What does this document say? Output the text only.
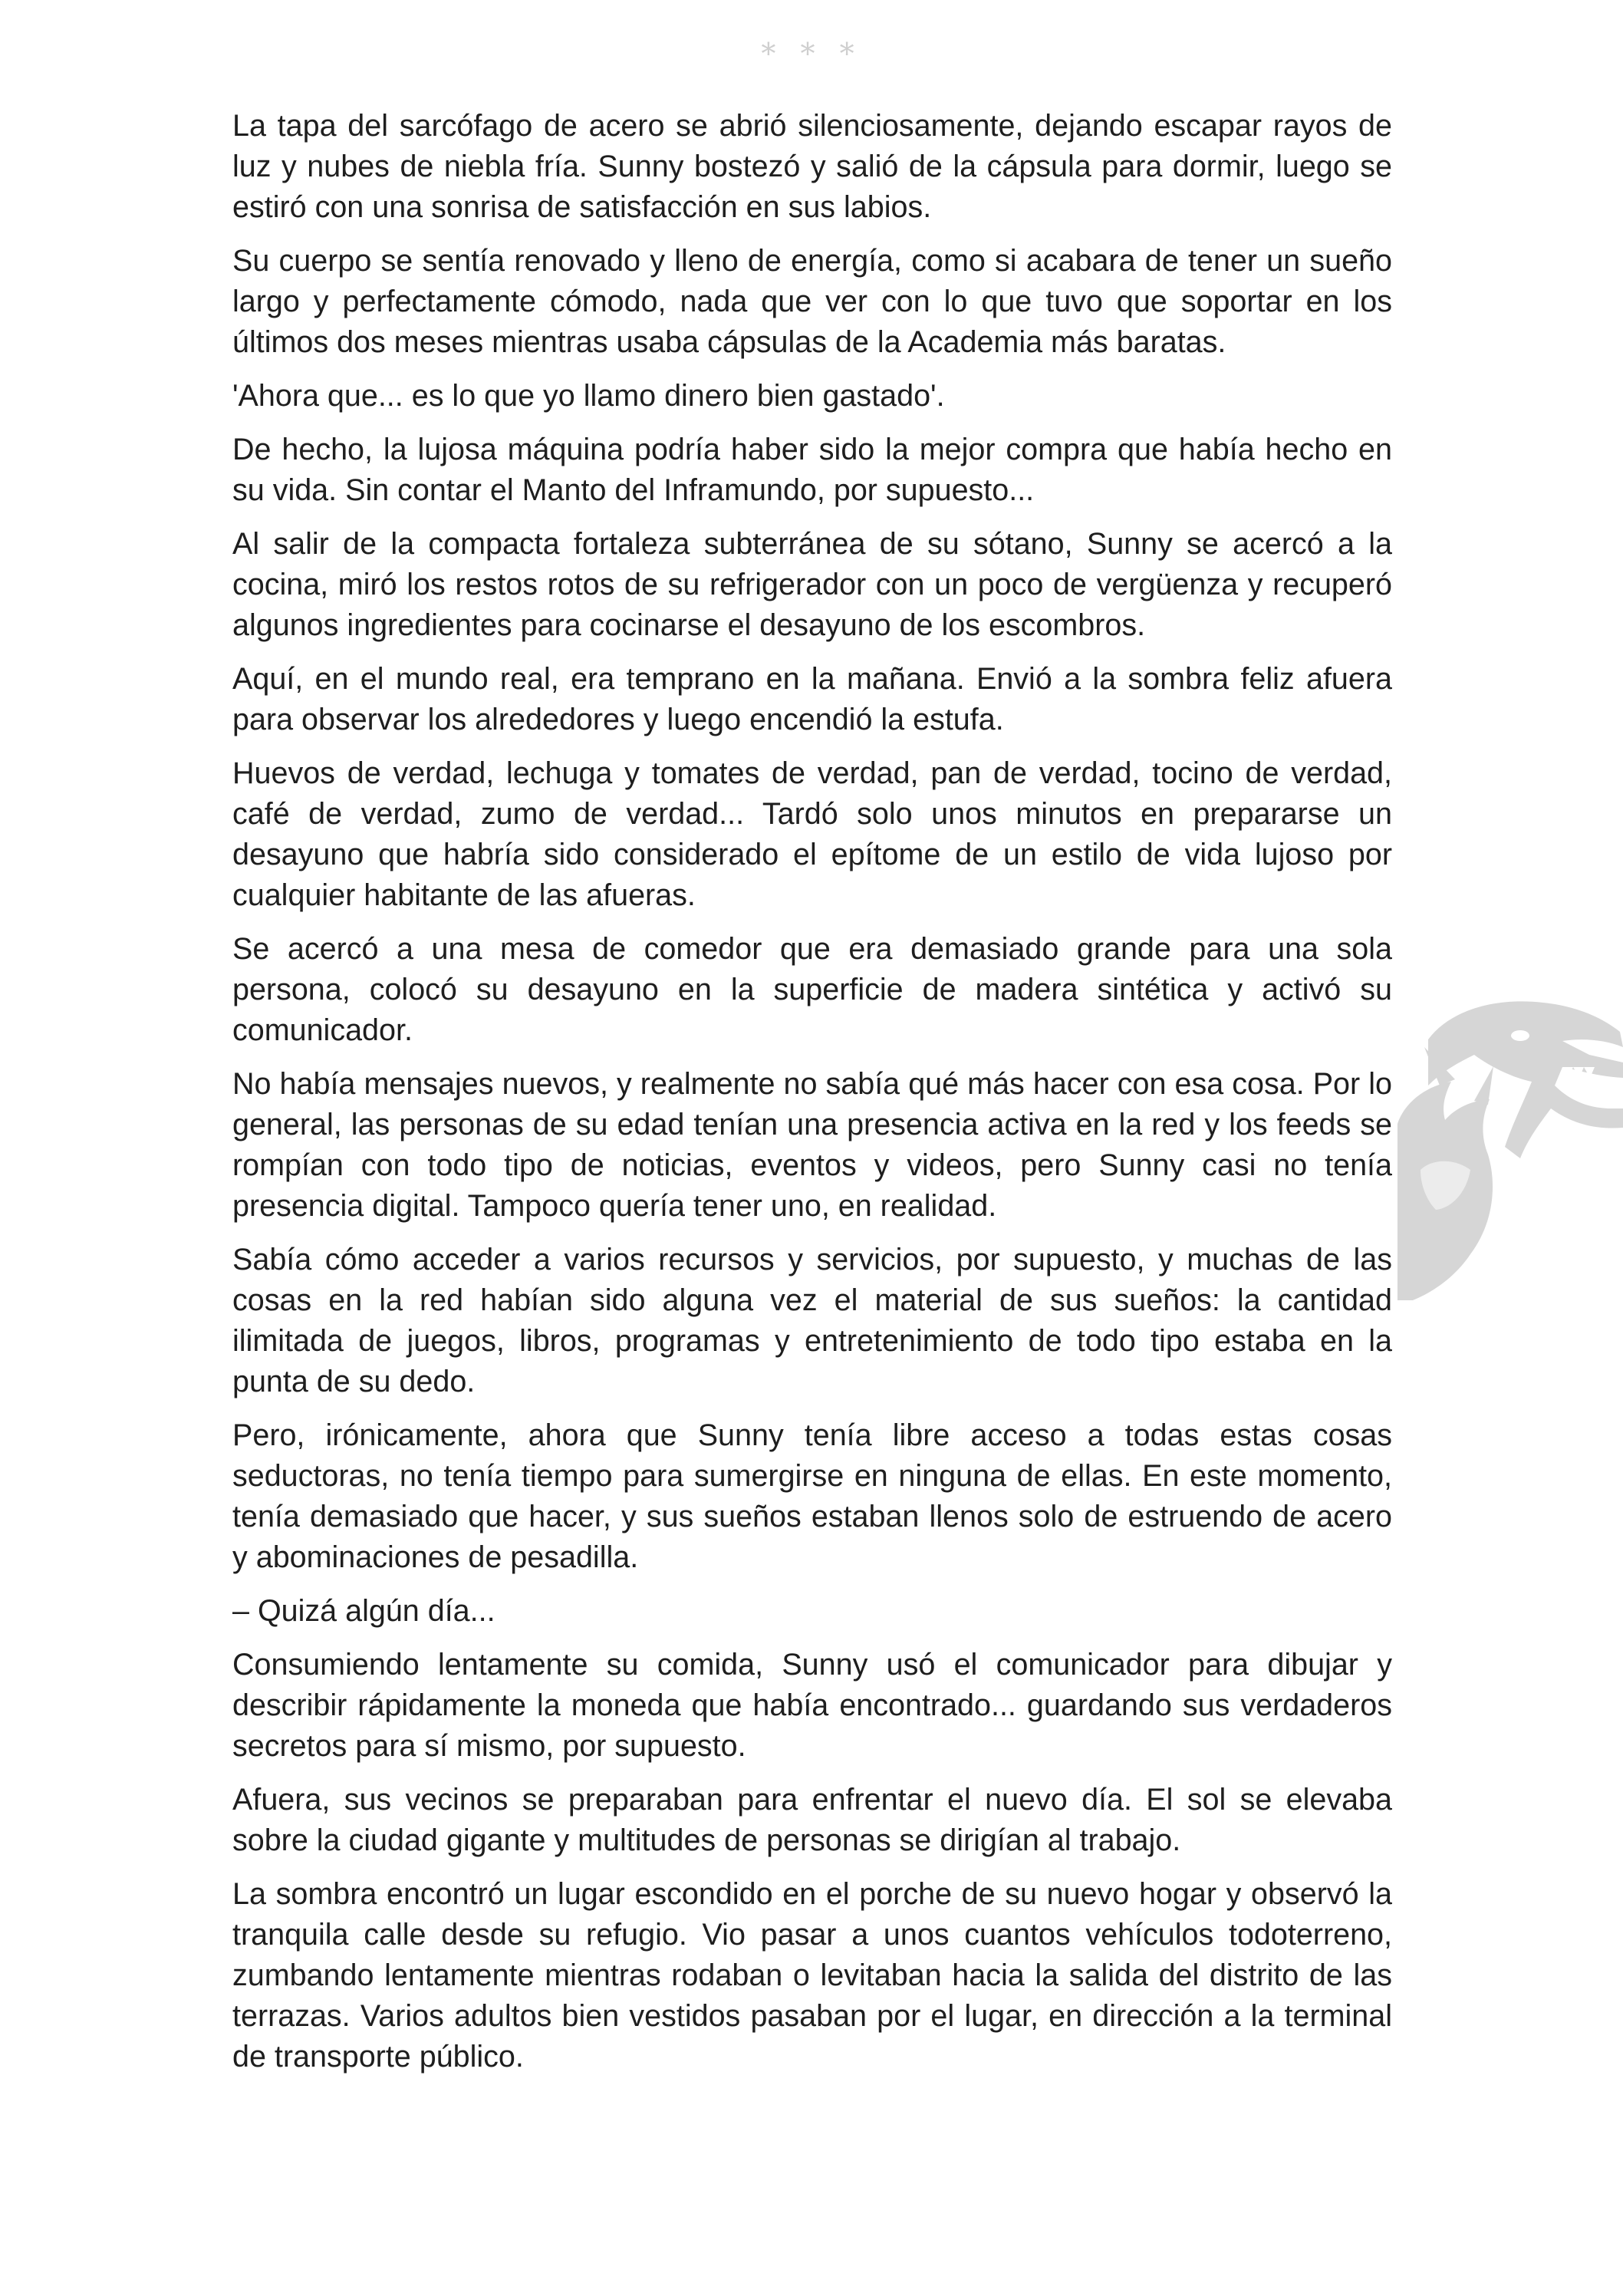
* * *

La tapa del sarcófago de acero se abrió silenciosamente, dejando escapar rayos de luz y nubes de niebla fría. Sunny bostezó y salió de la cápsula para dormir, luego se estiró con una sonrisa de satisfacción en sus labios.

Su cuerpo se sentía renovado y lleno de energía, como si acabara de tener un sueño largo y perfectamente cómodo, nada que ver con lo que tuvo que soportar en los últimos dos meses mientras usaba cápsulas de la Academia más baratas.

'Ahora que... es lo que yo llamo dinero bien gastado'.

De hecho, la lujosa máquina podría haber sido la mejor compra que había hecho en su vida. Sin contar el Manto del Inframundo, por supuesto...

Al salir de la compacta fortaleza subterránea de su sótano, Sunny se acercó a la cocina, miró los restos rotos de su refrigerador con un poco de vergüenza y recuperó algunos ingredientes para cocinarse el desayuno de los escombros.

Aquí, en el mundo real, era temprano en la mañana. Envió a la sombra feliz afuera para observar los alrededores y luego encendió la estufa.

Huevos de verdad, lechuga y tomates de verdad, pan de verdad, tocino de verdad, café de verdad, zumo de verdad... Tardó solo unos minutos en prepararse un desayuno que habría sido considerado el epítome de un estilo de vida lujoso por cualquier habitante de las afueras.

Se acercó a una mesa de comedor que era demasiado grande para una sola persona, colocó su desayuno en la superficie de madera sintética y activó su comunicador.

No había mensajes nuevos, y realmente no sabía qué más hacer con esa cosa. Por lo general, las personas de su edad tenían una presencia activa en la red y los feeds se rompían con todo tipo de noticias, eventos y videos, pero Sunny casi no tenía presencia digital. Tampoco quería tener uno, en realidad.

Sabía cómo acceder a varios recursos y servicios, por supuesto, y muchas de las cosas en la red habían sido alguna vez el material de sus sueños: la cantidad ilimitada de juegos, libros, programas y entretenimiento de todo tipo estaba en la punta de su dedo.

Pero, irónicamente, ahora que Sunny tenía libre acceso a todas estas cosas seductoras, no tenía tiempo para sumergirse en ninguna de ellas. En este momento, tenía demasiado que hacer, y sus sueños estaban llenos solo de estruendo de acero y abominaciones de pesadilla.

– Quizá algún día...

Consumiendo lentamente su comida, Sunny usó el comunicador para dibujar y describir rápidamente la moneda que había encontrado... guardando sus verdaderos secretos para sí mismo, por supuesto.

Afuera, sus vecinos se preparaban para enfrentar el nuevo día. El sol se elevaba sobre la ciudad gigante y multitudes de personas se dirigían al trabajo.

La sombra encontró un lugar escondido en el porche de su nuevo hogar y observó la tranquila calle desde su refugio. Vio pasar a unos cuantos vehículos todoterreno, zumbando lentamente mientras rodaban o levitaban hacia la salida del distrito de las terrazas. Varios adultos bien vestidos pasaban por el lugar, en dirección a la terminal de transporte público.
